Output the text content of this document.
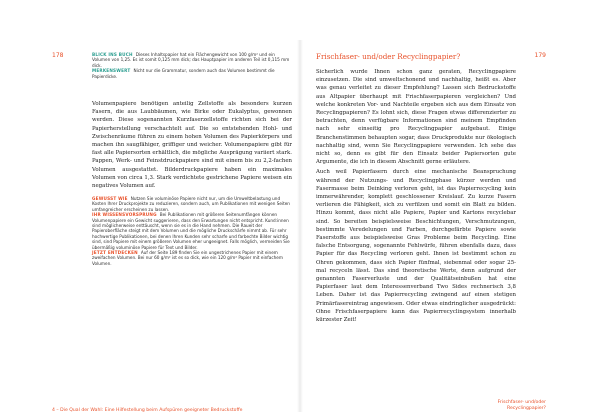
178	BLICK INS BUCH Dieses Inhaltspapier hat ein Flächengewicht von 100 g/m² und ein Volumen von 1,25. Es ist somit 0,125 mm dick; das Hauptpapier im anderen Teil ist 0,115 mm dick.
MERKENSWERT Nicht nur die Grammatur, sondern auch das Volumen bestimmt die Papierdicke.
Volumenpapiere benötigen anteilig Zellstoffe als besonders kurzen Fasern, die aus Laubbäumen, wie Birke oder Eukalyptus, gewonnen werden. Diese sogenannten Kurzfaserzellstoffe richten sich bei der Papierherstellung verschachtelt auf. Die so entstehenden Hohl- und Zwischenräume führen zu einem hohen Volumen des Papierkörpers und machen ihn saugfähiger, griffiger und weicher. Volumenpapiere gibt für fast alle Papiersorten erhältlich, die mögliche Ausprägung variiert stark. Pappen, Werk- und Feinstdruckpapiere sind mit einem bis zu 2,2-fachen Volumen ausgestattet. Bilderdruckpapiere haben ein maximales Volumen von circa 1,3. Stark verdichtete gestrichene Papiere weisen ein negatives Volumen auf.
GEWUSST WIE Nutzen Sie voluminöse Papiere nicht nur, um die Umweltbelastung und Kosten Ihrer Druckprojekte zu reduzieren, sondern auch, um Publikationen mit wenigen Seiten umfangreicher erscheinen zu lassen.
IHR WISSENSVORSPRUNG Bei Publikationen mit größeren Seitenumfängen können Volumenpapiere ein Gewicht suggerieren, dass den Erwartungen nicht entspricht. Kund:innen sind möglicherweise enttäuscht, wenn sie es in die Hand nehmen. Die Raueit der Papieroberfläche steigt mit dem Volumen und die mögliche Druckschärfe nimmt ab. Für sehr hochwertige Publikationen, bei denen Ihren Kunden sehr scharfe und farbechte Bilder wichtig sind, sind Papiere mit einem größeren Volumen eher ungeeignet. Falls möglich, vermeiden Sie übermäßig voluminöse Papiere für Text und Bilder.
JETZT ENTDECKEN Auf der Seite 189 finden Sie ein ungestrichenes Papier mit einem zweifachen Volumen. Bei nur 60 g/m² ist es so dick, wie ein 120 g/m² Papier mit einfachem Volumen.
4 – Die Qual der Wahl: Eine Hilfestellung beim Aufspüren geeigneter Bedruckstoffe
179
Frischfaser- und/oder Recyclingpapier?

Sicherlich wurde Ihnen schon ganz geraten, Recyclingpapiere einzusetzen. Die sind umweltschonend und nachhaltig, heißt es. Aber was genau verleitet zu dieser Empfehlung? Lassen sich Bedruckstoffe aus Altpapier überhaupt mit Frischfaserpapieren vergleichen? Und welche konkreten Vor- und Nachteile ergeben sich aus dem Einsatz von Recyclingpapieren? Es lohnt sich, diese Fragen etwas differenzierter zu betrachten, denn verfügbare Informationen sind meinem Empfinden nach sehr einseitig pro Recyclingpapier aufgebaut. Einige Branchenstimmen behaupten sogar, dass Druckprodukte nur ökologisch nachhaltig sind, wenn Sie Recyclingpapiere verwenden. Ich sehe das nicht so, denn es gibt für den Einsatz beider Papiersorten gute Argumente, die ich in diesem Abschnitt gerne erläutere.

Auch weil Papierfasern durch eine mechanische Beanspruchung während der Nutzungs- und Recyclingphase kürzer werden und Fasermasse beim Deinking verloren geht, ist das Papierrecycling kein immerwährender, komplett geschlossener Kreislauf. Zu kurze Fasern verlieren die Fähigkeit, sich zu verfilzen und somit ein Blatt zu bilden. Hinzu kommt, dass nicht alle Papiere, Papier und Kartons recyclebar sind. So bereiten beispielsweise Beschichtungen, Verschmutzungen, bestimmte Veredelungen und Farben, durchgefärbte Papiere sowie Faserstoffe aus beispielsweise Gras Probleme beim Recycling. Eine falsche Entsorgung, sogenannte Fehlwürfe, führen ebenfalls dazu, dass Papier für das Recycling verloren geht. Ihnen ist bestimmt schon zu Ohren gekommen, dass sich Papier fünfmal, siebenmal oder sogar 25-mal recyceln lässt. Das sind theoretische Werte, denn aufgrund der genannten Faserverluste und der Qualitätseinbußen hat eine Papierfaser laut dem Interessenverband Two Sides rechnerisch 3,8 Leben. Daher ist das Papierrecycling zwingend auf einen stetigen Primärfasereintrag angewiesen. Oder etwas eindringlicher ausgedrückt: Ohne Frischfaserpapiere kann das Papierrecyclingsystem innerhalb kürzester Zeit!

Frischfaser- und/oder Recyclingpapier?
